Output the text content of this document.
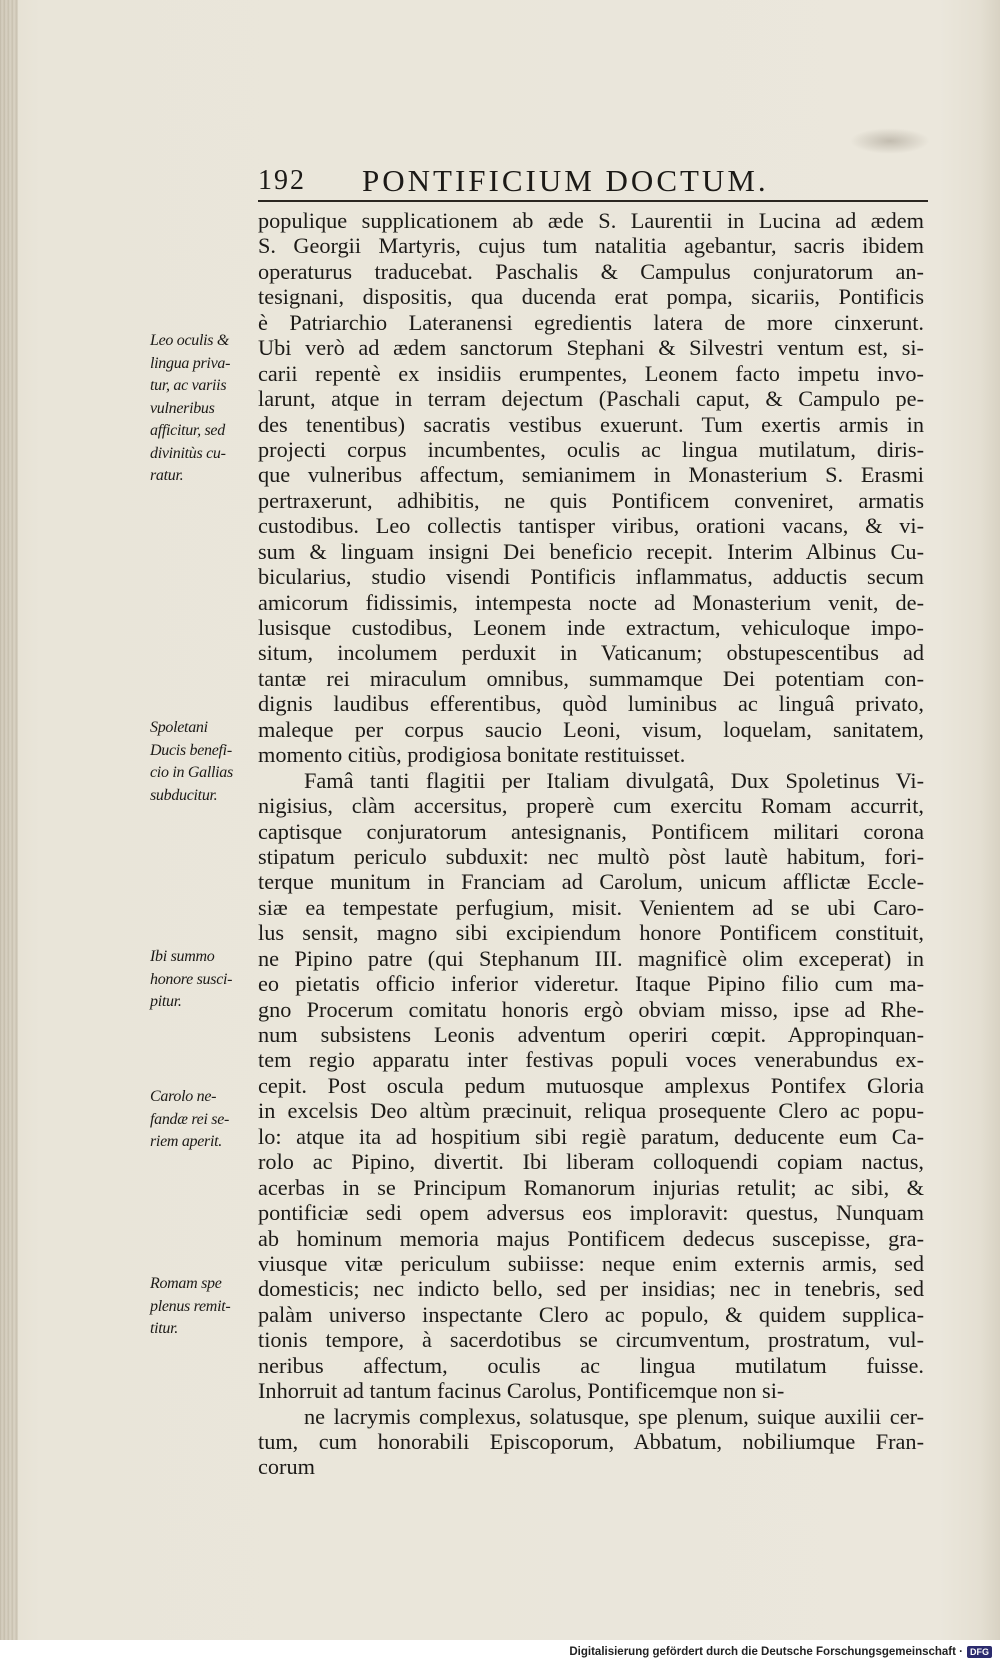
192 PONTIFICIUM DOCTUM.
populique supplicationem ab æde S. Laurentii in Lucina ad ædem
S. Georgii Martyris, cujus tum natalitia agebantur, sacris ibidem
operaturus traducebat. Paschalis & Campulus conjuratorum an-
tesignani, dispositis, qua ducenda erat pompa, sicariis, Pontificis
è Patriarchio Lateranensi egredientis latera de more cinxerunt.
Ubi verò ad ædem sanctorum Stephani & Silvestri ventum est, si-
carii repentè ex insidiis erumpentes, Leonem facto impetu invo-
larunt, atque in terram dejectum (Paschali caput, & Campulo pe-
des tenentibus) sacratis vestibus exuerunt. Tum exertis armis in
projecti corpus incumbentes, oculis ac lingua mutilatum, diris-
que vulneribus affectum, semianimem in Monasterium S. Erasmi
pertraxerunt, adhibitis, ne quis Pontificem conveniret, armatis
custodibus. Leo collectis tantisper viribus, orationi vacans, & vi-
sum & linguam insigni Dei beneficio recepit. Interim Albinus Cu-
bicularius, studio visendi Pontificis inflammatus, adductis secum
amicorum fidissimis, intempesta nocte ad Monasterium venit, de-
lusisque custodibus, Leonem inde extractum, vehiculoque impo-
situm, incolumem perduxit in Vaticanum; obstupescentibus ad
tantæ rei miraculum omnibus, summamque Dei potentiam con-
dignis laudibus efferentibus, quòd luminibus ac linguâ privato,
maleque per corpus saucio Leoni, visum, loquelam, sanitatem,
momento citiùs, prodigiosa bonitate restituisset.
Famâ tanti flagitii per Italiam divulgatâ, Dux Spoletinus Vi-
nigisius, clàm accersitus, properè cum exercitu Romam accurrit,
captisque conjuratorum antesignanis, Pontificem militari corona
stipatum periculo subduxit: nec multò pòst lautè habitum, fori-
terque munitum in Franciam ad Carolum, unicum afflictæ Eccle-
siæ ea tempestate perfugium, misit. Venientem ad se ubi Caro-
lus sensit, magno sibi excipiendum honore Pontificem constituit,
ne Pipino patre (qui Stephanum III. magnificè olim exceperat) in
eo pietatis officio inferior videretur. Itaque Pipino filio cum ma-
gno Procerum comitatu honoris ergò obviam misso, ipse ad Rhe-
num subsistens Leonis adventum operiri cœpit. Appropinquan-
tem regio apparatu inter festivas populi voces venerabundus ex-
cepit. Post oscula pedum mutuosque amplexus Pontifex Gloria
in excelsis Deo altùm præcinuit, reliqua prosequente Clero ac popu-
lo: atque ita ad hospitium sibi regiè paratum, deducente eum Ca-
rolo ac Pipino, divertit. Ibi liberam colloquendi copiam nactus,
acerbas in se Principum Romanorum injurias retulit; ac sibi, &
pontificiæ sedi opem adversus eos imploravit: questus, Nunquam
ab hominum memoria majus Pontificem dedecus suscepisse, gra-
viusque vitæ periculum subiisse: neque enim externis armis, sed
domesticis; nec indicto bello, sed per insidias; nec in tenebris, sed
palàm universo inspectante Clero ac populo, & quidem supplica-
tionis tempore, à sacerdotibus se circumventum, prostratum, vul-
neribus affectum, oculis ac lingua mutilatum fuisse.
Inhorruit ad tantum facinus Carolus, Pontificemque non si-
ne lacrymis complexus, solatusque, spe plenum, suique auxilii cer-
tum, cum honorabili Episcoporum, Abbatum, nobiliumque Fran-
corum
Leo oculis &
lingua priva-
tur, ac variis
vulneribus
afficitur, sed
divinitùs cu-
ratur.
Spoletani
Ducis benefi-
cio in Gallias
subducitur.
Ibi summo
honore susci-
pitur.
Carolo ne-
fandæ rei se-
riem aperit.
Romam spe
plenus remit-
titur.
Digitalisierung gefördert durch die Deutsche Forschungsgemeinschaft · DFG
